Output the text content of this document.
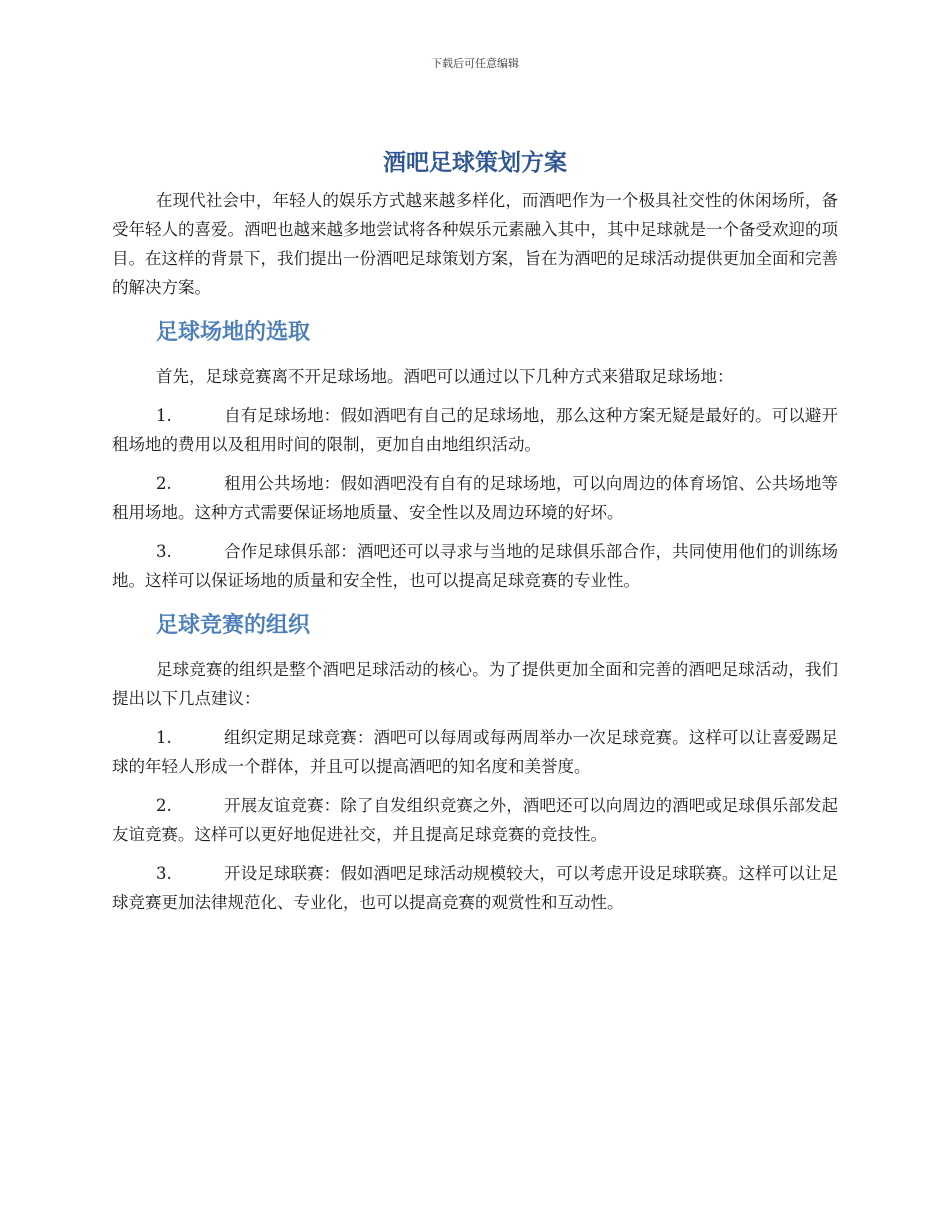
下载后可任意编辑
酒吧足球策划方案

在现代社会中，年轻人的娱乐方式越来越多样化，而酒吧作为一个极具社交性的休闲场所，备受年轻人的喜爱。酒吧也越来越多地尝试将各种娱乐元素融入其中，其中足球就是一个备受欢迎的项目。在这样的背景下，我们提出一份酒吧足球策划方案，旨在为酒吧的足球活动提供更加全面和完善的解决方案。

足球场地的选取

首先，足球竞赛离不开足球场地。酒吧可以通过以下几种方式来猎取足球场地：

1.	自有足球场地：假如酒吧有自己的足球场地，那么这种方案无疑是最好的。可以避开租场地的费用以及租用时间的限制，更加自由地组织活动。
2.	租用公共场地：假如酒吧没有自有的足球场地，可以向周边的体育场馆、公共场地等租用场地。这种方式需要保证场地质量、安全性以及周边环境的好坏。
3.	合作足球俱乐部：酒吧还可以寻求与当地的足球俱乐部合作，共同使用他们的训练场地。这样可以保证场地的质量和安全性，也可以提高足球竞赛的专业性。
足球竞赛的组织

足球竞赛的组织是整个酒吧足球活动的核心。为了提供更加全面和完善的酒吧足球活动，我们提出以下几点建议：

1.	组织定期足球竞赛：酒吧可以每周或每两周举办一次足球竞赛。这样可以让喜爱踢足球的年轻人形成一个群体，并且可以提高酒吧的知名度和美誉度。
2.	开展友谊竞赛：除了自发组织竞赛之外，酒吧还可以向周边的酒吧或足球俱乐部发起友谊竞赛。这样可以更好地促进社交，并且提高足球竞赛的竞技性。
3.	开设足球联赛：假如酒吧足球活动规模较大，可以考虑开设足球联赛。这样可以让足球竞赛更加法律规范化、专业化，也可以提高竞赛的观赏性和互动性。
